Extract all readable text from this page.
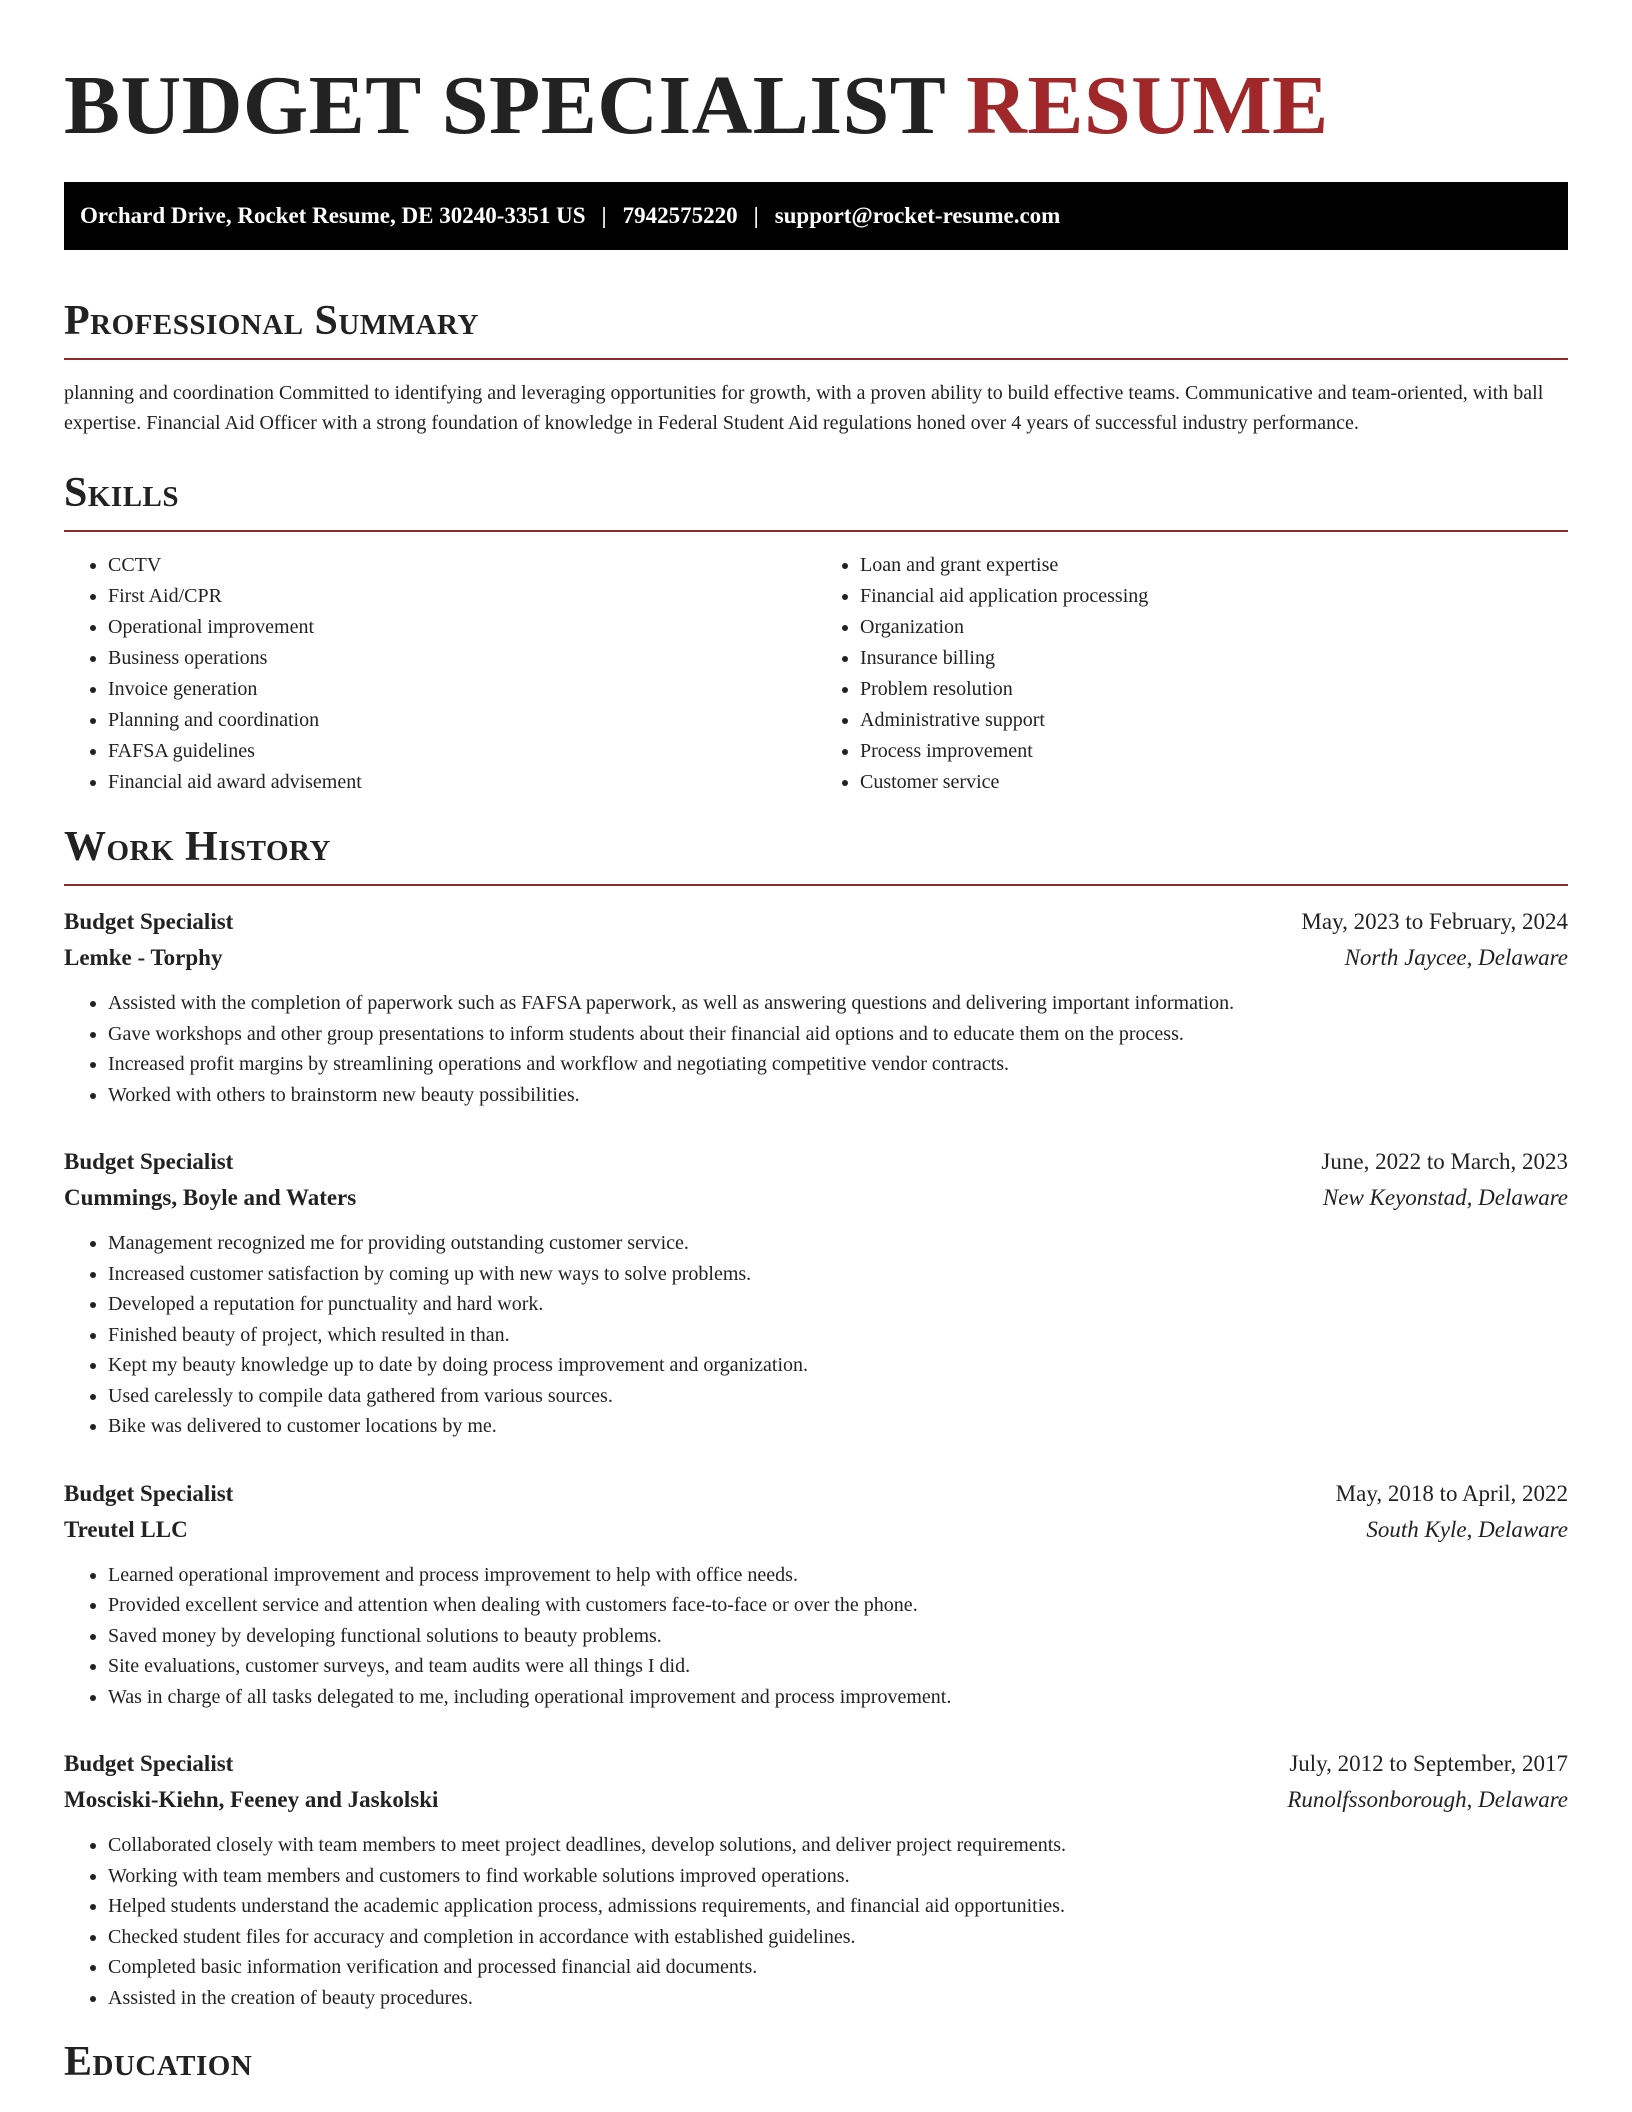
BUDGET SPECIALIST RESUME
Orchard Drive, Rocket Resume, DE 30240-3351 US | 7942575220 | support@rocket-resume.com
Professional Summary

planning and coordination Committed to identifying and leveraging opportunities for growth, with a proven ability to build effective teams. Communicative and team-oriented, with ball expertise. Financial Aid Officer with a strong foundation of knowledge in Federal Student Aid regulations honed over 4 years of successful industry performance.

Skills
• CCTV
• First Aid/CPR
• Operational improvement
• Business operations
• Invoice generation
• Planning and coordination
• FAFSA guidelines
• Financial aid award advisement
• Loan and grant expertise
• Financial aid application processing
• Organization
• Insurance billing
• Problem resolution
• Administrative support
• Process improvement
• Customer service
Work History
Budget Specialist	May, 2023 to February, 2024
Lemke - Torphy	North Jaycee, Delaware
• Assisted with the completion of paperwork such as FAFSA paperwork, as well as answering questions and delivering important information.
• Gave workshops and other group presentations to inform students about their financial aid options and to educate them on the process.
• Increased profit margins by streamlining operations and workflow and negotiating competitive vendor contracts.
• Worked with others to brainstorm new beauty possibilities.
Budget Specialist	June, 2022 to March, 2023
Cummings, Boyle and Waters	New Keyonstad, Delaware
• Management recognized me for providing outstanding customer service.
• Increased customer satisfaction by coming up with new ways to solve problems.
• Developed a reputation for punctuality and hard work.
• Finished beauty of project, which resulted in than.
• Kept my beauty knowledge up to date by doing process improvement and organization.
• Used carelessly to compile data gathered from various sources.
• Bike was delivered to customer locations by me.
Budget Specialist	May, 2018 to April, 2022
Treutel LLC	South Kyle, Delaware
• Learned operational improvement and process improvement to help with office needs.
• Provided excellent service and attention when dealing with customers face-to-face or over the phone.
• Saved money by developing functional solutions to beauty problems.
• Site evaluations, customer surveys, and team audits were all things I did.
• Was in charge of all tasks delegated to me, including operational improvement and process improvement.
Budget Specialist	July, 2012 to September, 2017
Mosciski-Kiehn, Feeney and Jaskolski	Runolfssonborough, Delaware
• Collaborated closely with team members to meet project deadlines, develop solutions, and deliver project requirements.
• Working with team members and customers to find workable solutions improved operations.
• Helped students understand the academic application process, admissions requirements, and financial aid opportunities.
• Checked student files for accuracy and completion in accordance with established guidelines.
• Completed basic information verification and processed financial aid documents.
• Assisted in the creation of beauty procedures.
Education
